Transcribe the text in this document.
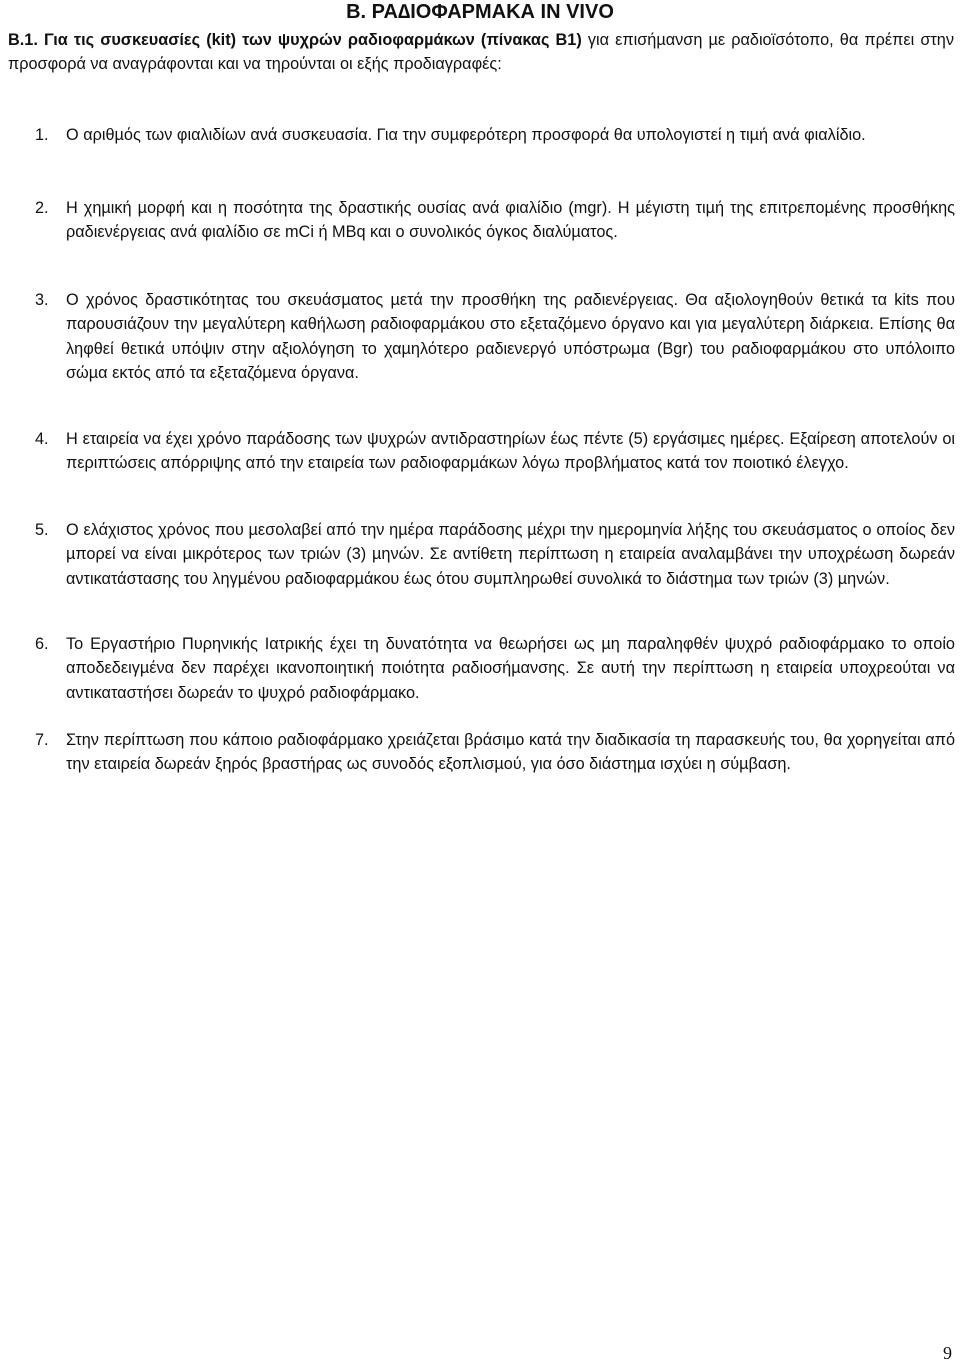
Β. ΡΑ∆ΙΟΦΑΡΜΑΚΑ IN VIVO

Β.1. Για τις συσκευασίες (kit) των ψυχρών ραδιοφαρµάκων (πίνακας Β1) για επισήµανση µε ραδιοϊσότοπο, θα πρέπει στην προσφορά να αναγράφονται και να τηρούνται οι εξής προδιαγραφές:

1.	Ο αριθµός των φιαλιδίων ανά συσκευασία. Για την συµφερότερη προσφορά θα υπολογιστεί η τιµή ανά φιαλίδιο.

2.	Η χηµική µορφή και η ποσότητα της δραστικής ουσίας ανά φιαλίδιο (mgr). Η µέγιστη τιµή της επιτρεποµένης προσθήκης ραδιενέργειας ανά φιαλίδιο σε mCi ή MBq και ο συνολικός όγκος διαλύµατος.

3.	Ο χρόνος δραστικότητας του σκευάσµατος µετά την προσθήκη της ραδιενέργειας. Θα αξιολογηθούν θετικά τα kits που παρουσιάζουν την µεγαλύτερη καθήλωση ραδιοφαρµάκου στο εξεταζόµενο όργανο και για µεγαλύτερη διάρκεια. Επίσης θα ληφθεί θετικά υπόψιν στην αξιολόγηση το χαµηλότερο ραδιενεργό υπόστρωµα (Bgr) του ραδιοφαρµάκου στο υπόλοιπο σώµα εκτός από τα εξεταζόµενα όργανα.

4.	Η εταιρεία να έχει χρόνο παράδοσης των ψυχρών αντιδραστηρίων έως πέντε (5) εργάσιµες ηµέρες. Εξαίρεση αποτελούν οι περιπτώσεις απόρριψης από την εταιρεία των ραδιοφαρµάκων λόγω προβλήµατος κατά τον ποιοτικό έλεγχο.

5.	Ο ελάχιστος χρόνος που µεσολαβεί από την ηµέρα παράδοσης µέχρι την ηµεροµηνία λήξης του σκευάσµατος ο οποίος δεν µπορεί να είναι µικρότερος των τριών (3) µηνών. Σε αντίθετη περίπτωση η εταιρεία αναλαµβάνει την υποχρέωση δωρεάν αντικατάστασης του ληγµένου ραδιοφαρµάκου έως ότου συµπληρωθεί συνολικά το διάστηµα των τριών (3) µηνών.

6.	Το Εργαστήριο Πυρηνικής Ιατρικής έχει τη δυνατότητα να θεωρήσει ως µη παραληφθέν ψυχρό ραδιοφάρµακο το οποίο αποδεδειγµένα δεν παρέχει ικανοποιητική ποιότητα ραδιοσήµανσης. Σε αυτή την περίπτωση η εταιρεία υποχρεούται να αντικαταστήσει δωρεάν το ψυχρό ραδιοφάρµακο.

7.	Στην περίπτωση που κάποιο ραδιοφάρµακο χρειάζεται βράσιµο κατά την διαδικασία τη παρασκευής του, θα χορηγείται από την εταιρεία δωρεάν ξηρός βραστήρας ως συνοδός εξοπλισµού, για όσο διάστηµα ισχύει η σύµβαση.

9
